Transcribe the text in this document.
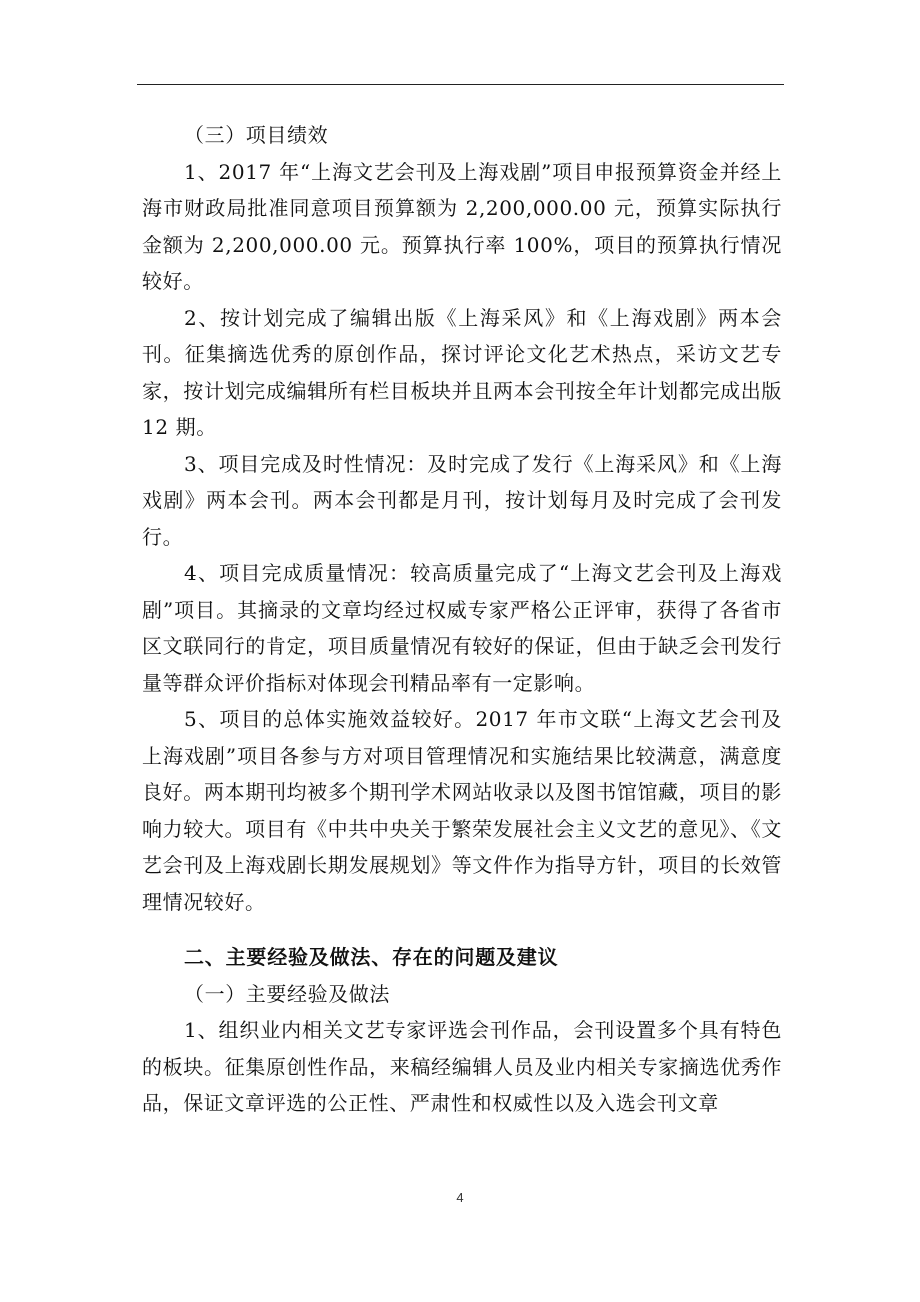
（三）项目绩效

1、2017 年“上海文艺会刊及上海戏剧”项目申报预算资金并经上海市财政局批准同意项目预算额为 2,200,000.00 元，预算实际执行金额为 2,200,000.00 元。预算执行率 100%，项目的预算执行情况较好。

2、按计划完成了编辑出版《上海采风》和《上海戏剧》两本会刊。征集摘选优秀的原创作品，探讨评论文化艺术热点，采访文艺专家，按计划完成编辑所有栏目板块并且两本会刊按全年计划都完成出版 12 期。

3、项目完成及时性情况：及时完成了发行《上海采风》和《上海戏剧》两本会刊。两本会刊都是月刊，按计划每月及时完成了会刊发行。

4、项目完成质量情况：较高质量完成了“上海文艺会刊及上海戏剧”项目。其摘录的文章均经过权威专家严格公正评审，获得了各省市区文联同行的肯定，项目质量情况有较好的保证，但由于缺乏会刊发行量等群众评价指标对体现会刊精品率有一定影响。

5、项目的总体实施效益较好。2017 年市文联“上海文艺会刊及上海戏剧”项目各参与方对项目管理情况和实施结果比较满意，满意度良好。两本期刊均被多个期刊学术网站收录以及图书馆馆藏，项目的影响力较大。项目有《中共中央关于繁荣发展社会主义文艺的意见》、《文艺会刊及上海戏剧长期发展规划》等文件作为指导方针，项目的长效管理情况较好。

二、主要经验及做法、存在的问题及建议

（一）主要经验及做法

1、组织业内相关文艺专家评选会刊作品，会刊设置多个具有特色的板块。征集原创性作品，来稿经编辑人员及业内相关专家摘选优秀作品，保证文章评选的公正性、严肃性和权威性以及入选会刊文章

4
